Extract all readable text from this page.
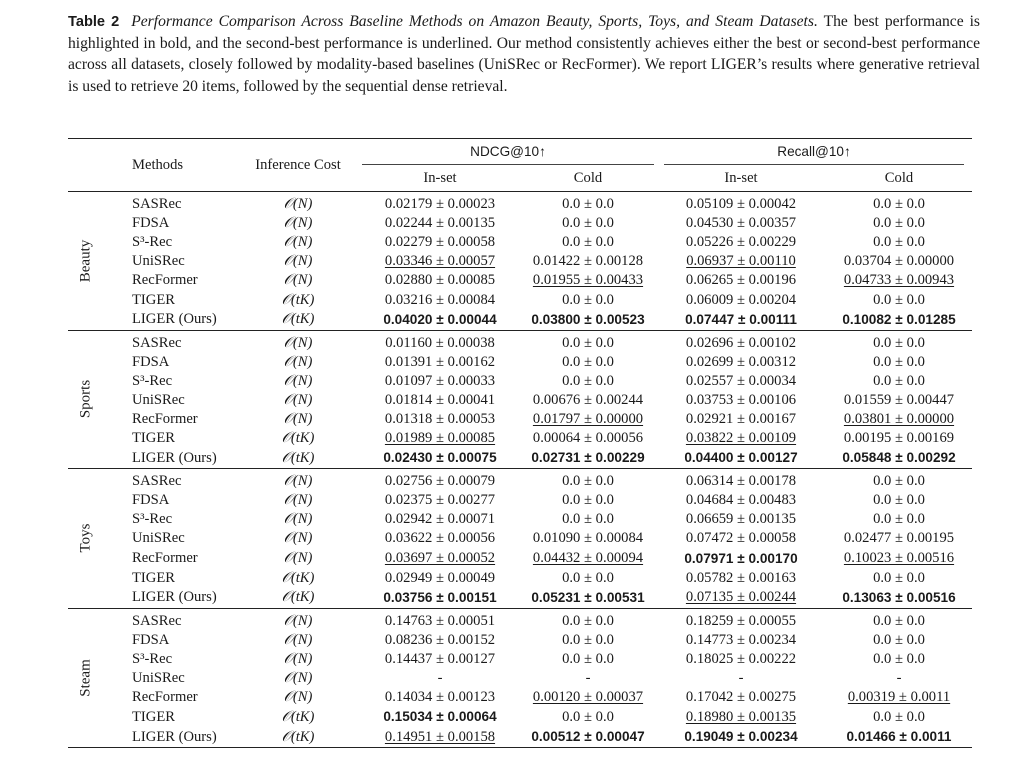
Table 2 Performance Comparison Across Baseline Methods on Amazon Beauty, Sports, Toys, and Steam Datasets. The best performance is highlighted in bold, and the second-best performance is underlined. Our method consistently achieves either the best or second-best performance across all datasets, closely followed by modality-based baselines (UniSRec or RecFormer). We report LIGER’s results where generative retrieval is used to retrieve 20 items, followed by the sequential dense retrieval.
	Methods	Inference Cost	NDCG@10↑		Recall@10↑	
			In-set	Cold	In-set	Cold

Beauty	SASRec	𝒪(N)	0.02179 ± 0.00023	0.0 ± 0.0	0.05109 ± 0.00042	0.0 ± 0.0
	FDSA	𝒪(N)	0.02244 ± 0.00135	0.0 ± 0.0	0.04530 ± 0.00357	0.0 ± 0.0
	S³-Rec	𝒪(N)	0.02279 ± 0.00058	0.0 ± 0.0	0.05226 ± 0.00229	0.0 ± 0.0
	UniSRec	𝒪(N)	0.03346 ± 0.00057	0.01422 ± 0.00128	0.06937 ± 0.00110	0.03704 ± 0.00000
	RecFormer	𝒪(N)	0.02880 ± 0.00085	0.01955 ± 0.00433	0.06265 ± 0.00196	0.04733 ± 0.00943
	TIGER	𝒪(tK)	0.03216 ± 0.00084	0.0 ± 0.0	0.06009 ± 0.00204	0.0 ± 0.0
	LIGER (Ours)	𝒪(tK)	0.04020 ± 0.00044	0.03800 ± 0.00523	0.07447 ± 0.00111	0.10082 ± 0.01285

Sports	SASRec	𝒪(N)	0.01160 ± 0.00038	0.0 ± 0.0	0.02696 ± 0.00102	0.0 ± 0.0
	FDSA	𝒪(N)	0.01391 ± 0.00162	0.0 ± 0.0	0.02699 ± 0.00312	0.0 ± 0.0
	S³-Rec	𝒪(N)	0.01097 ± 0.00033	0.0 ± 0.0	0.02557 ± 0.00034	0.0 ± 0.0
	UniSRec	𝒪(N)	0.01814 ± 0.00041	0.00676 ± 0.00244	0.03753 ± 0.00106	0.01559 ± 0.00447
	RecFormer	𝒪(N)	0.01318 ± 0.00053	0.01797 ± 0.00000	0.02921 ± 0.00167	0.03801 ± 0.00000
	TIGER	𝒪(tK)	0.01989 ± 0.00085	0.00064 ± 0.00056	0.03822 ± 0.00109	0.00195 ± 0.00169
	LIGER (Ours)	𝒪(tK)	0.02430 ± 0.00075	0.02731 ± 0.00229	0.04400 ± 0.00127	0.05848 ± 0.00292

Toys	SASRec	𝒪(N)	0.02756 ± 0.00079	0.0 ± 0.0	0.06314 ± 0.00178	0.0 ± 0.0
	FDSA	𝒪(N)	0.02375 ± 0.00277	0.0 ± 0.0	0.04684 ± 0.00483	0.0 ± 0.0
	S³-Rec	𝒪(N)	0.02942 ± 0.00071	0.0 ± 0.0	0.06659 ± 0.00135	0.0 ± 0.0
	UniSRec	𝒪(N)	0.03622 ± 0.00056	0.01090 ± 0.00084	0.07472 ± 0.00058	0.02477 ± 0.00195
	RecFormer	𝒪(N)	0.03697 ± 0.00052	0.04432 ± 0.00094	0.07971 ± 0.00170	0.10023 ± 0.00516
	TIGER	𝒪(tK)	0.02949 ± 0.00049	0.0 ± 0.0	0.05782 ± 0.00163	0.0 ± 0.0
	LIGER (Ours)	𝒪(tK)	0.03756 ± 0.00151	0.05231 ± 0.00531	0.07135 ± 0.00244	0.13063 ± 0.00516

Steam	SASRec	𝒪(N)	0.14763 ± 0.00051	0.0 ± 0.0	0.18259 ± 0.00055	0.0 ± 0.0
	FDSA	𝒪(N)	0.08236 ± 0.00152	0.0 ± 0.0	0.14773 ± 0.00234	0.0 ± 0.0
	S³-Rec	𝒪(N)	0.14437 ± 0.00127	0.0 ± 0.0	0.18025 ± 0.00222	0.0 ± 0.0
	UniSRec	𝒪(N)	-	-	-	-
	RecFormer	𝒪(N)	0.14034 ± 0.00123	0.00120 ± 0.00037	0.17042 ± 0.00275	0.00319 ± 0.0011
	TIGER	𝒪(tK)	0.15034 ± 0.00064	0.0 ± 0.0	0.18980 ± 0.00135	0.0 ± 0.0
	LIGER (Ours)	𝒪(tK)	0.14951 ± 0.00158	0.00512 ± 0.00047	0.19049 ± 0.00234	0.01466 ± 0.0011
